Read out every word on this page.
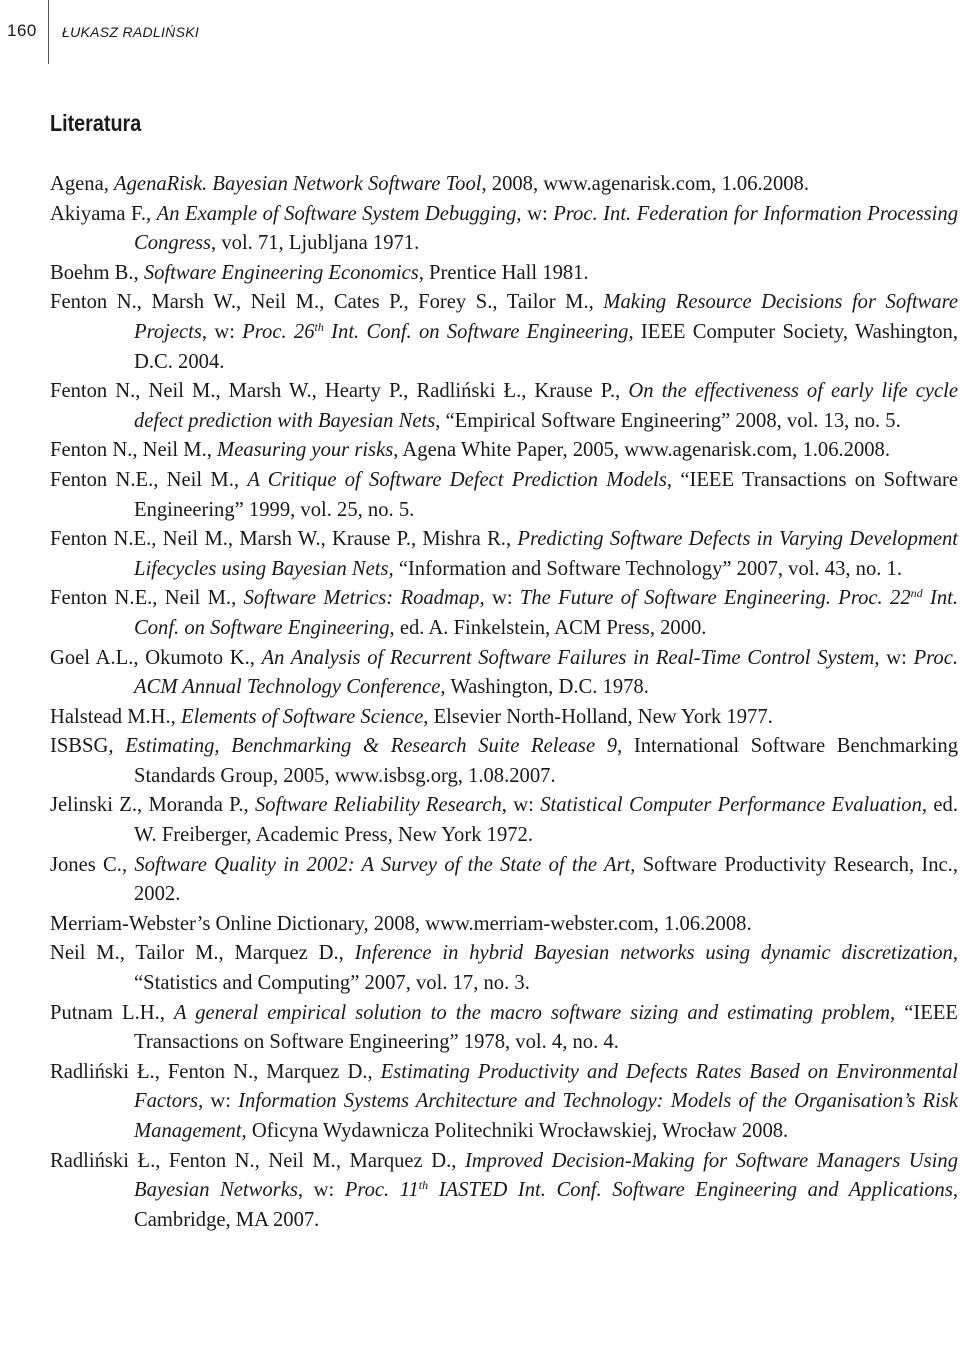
160 ŁUKASZ RADLIŃSKI
Literatura
Agena, AgenaRisk. Bayesian Network Software Tool, 2008, www.agenarisk.com, 1.06.2008.
Akiyama F., An Example of Software System Debugging, w: Proc. Int. Federation for Information Processing Congress, vol. 71, Ljubljana 1971.
Boehm B., Software Engineering Economics, Prentice Hall 1981.
Fenton N., Marsh W., Neil M., Cates P., Forey S., Tailor M., Making Resource Decisions for Software Projects, w: Proc. 26th Int. Conf. on Software Engineering, IEEE Computer Society, Washington, D.C. 2004.
Fenton N., Neil M., Marsh W., Hearty P., Radliński Ł., Krause P., On the effectiveness of early life cycle defect prediction with Bayesian Nets, “Empirical Software Engineering” 2008, vol. 13, no. 5.
Fenton N., Neil M., Measuring your risks, Agena White Paper, 2005, www.agenarisk.com, 1.06.2008.
Fenton N.E., Neil M., A Critique of Software Defect Prediction Models, “IEEE Transactions on Software Engineering” 1999, vol. 25, no. 5.
Fenton N.E., Neil M., Marsh W., Krause P., Mishra R., Predicting Software Defects in Varying Development Lifecycles using Bayesian Nets, “Information and Software Technology” 2007, vol. 43, no. 1.
Fenton N.E., Neil M., Software Metrics: Roadmap, w: The Future of Software Engineering. Proc. 22nd Int. Conf. on Software Engineering, ed. A. Finkelstein, ACM Press, 2000.
Goel A.L., Okumoto K., An Analysis of Recurrent Software Failures in Real-Time Control System, w: Proc. ACM Annual Technology Conference, Washington, D.C. 1978.
Halstead M.H., Elements of Software Science, Elsevier North-Holland, New York 1977.
ISBSG, Estimating, Benchmarking & Research Suite Release 9, International Software Benchmarking Standards Group, 2005, www.isbsg.org, 1.08.2007.
Jelinski Z., Moranda P., Software Reliability Research, w: Statistical Computer Performance Evaluation, ed. W. Freiberger, Academic Press, New York 1972.
Jones C., Software Quality in 2002: A Survey of the State of the Art, Software Productivity Research, Inc., 2002.
Merriam-Webster’s Online Dictionary, 2008, www.merriam-webster.com, 1.06.2008.
Neil M., Tailor M., Marquez D., Inference in hybrid Bayesian networks using dynamic discretization, “Statistics and Computing” 2007, vol. 17, no. 3.
Putnam L.H., A general empirical solution to the macro software sizing and estimating problem, “IEEE Transactions on Software Engineering” 1978, vol. 4, no. 4.
Radliński Ł., Fenton N., Marquez D., Estimating Productivity and Defects Rates Based on Environmental Factors, w: Information Systems Architecture and Technology: Models of the Organisation’s Risk Management, Oficyna Wydawnicza Politechniki Wrocławskiej, Wrocław 2008.
Radliński Ł., Fenton N., Neil M., Marquez D., Improved Decision-Making for Software Managers Using Bayesian Networks, w: Proc. 11th IASTED Int. Conf. Software Engineering and Applications, Cambridge, MA 2007.
